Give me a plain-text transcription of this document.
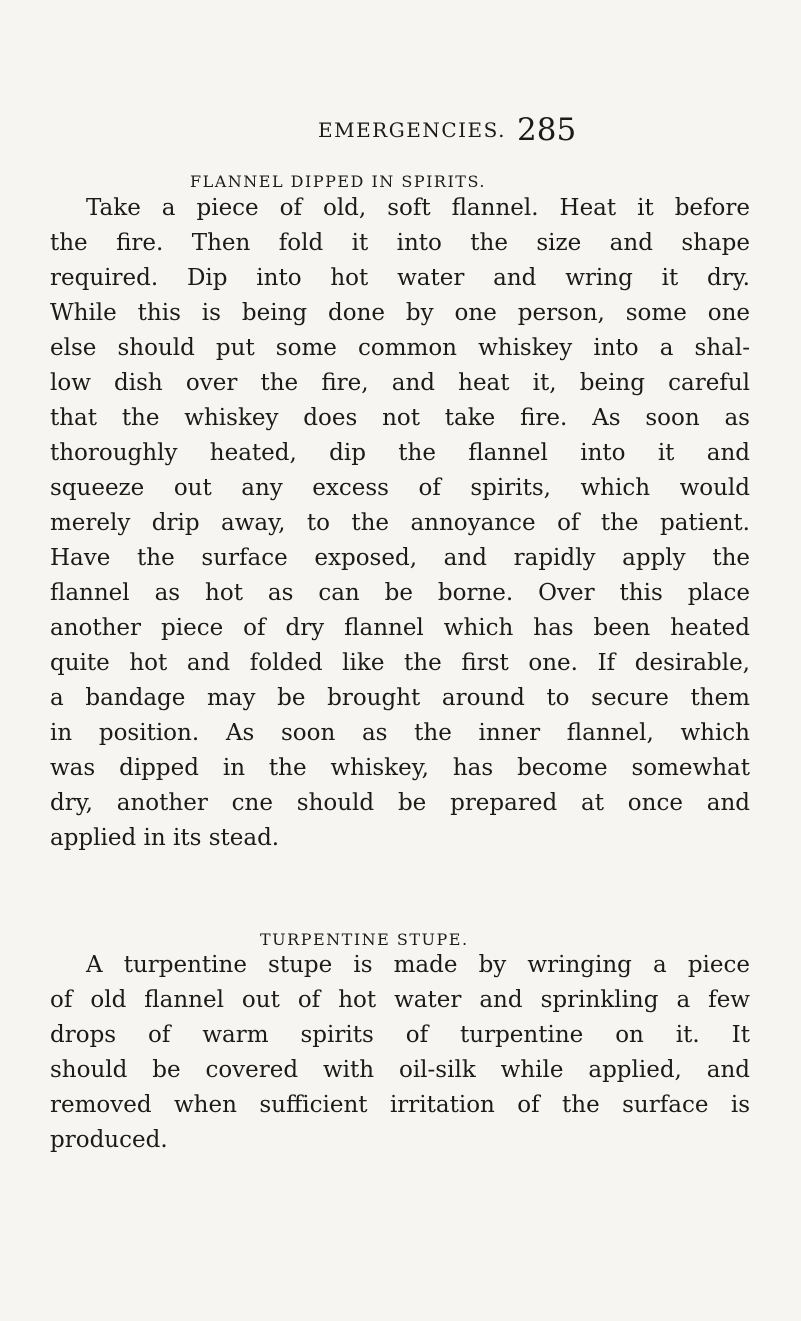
EMERGENCIES. 285
FLANNEL DIPPED IN SPIRITS.
Take a piece of old, soft flannel. Heat it before
the fire. Then fold it into the size and shape
required. Dip into hot water and wring it dry.
While this is being done by one person, some one
else should put some common whiskey into a shal-
low dish over the fire, and heat it, being careful
that the whiskey does not take fire. As soon as
thoroughly heated, dip the flannel into it and
squeeze out any excess of spirits, which would
merely drip away, to the annoyance of the patient.
Have the surface exposed, and rapidly apply the
flannel as hot as can be borne. Over this place
another piece of dry flannel which has been heated
quite hot and folded like the first one. If desirable,
a bandage may be brought around to secure them
in position. As soon as the inner flannel, which
was dipped in the whiskey, has become somewhat
dry, another cne should be prepared at once and
applied in its stead.
TURPENTINE STUPE.
A turpentine stupe is made by wringing a piece
of old flannel out of hot water and sprinkling a few
drops of warm spirits of turpentine on it. It
should be covered with oil-silk while applied, and
removed when sufficient irritation of the surface is
produced.
